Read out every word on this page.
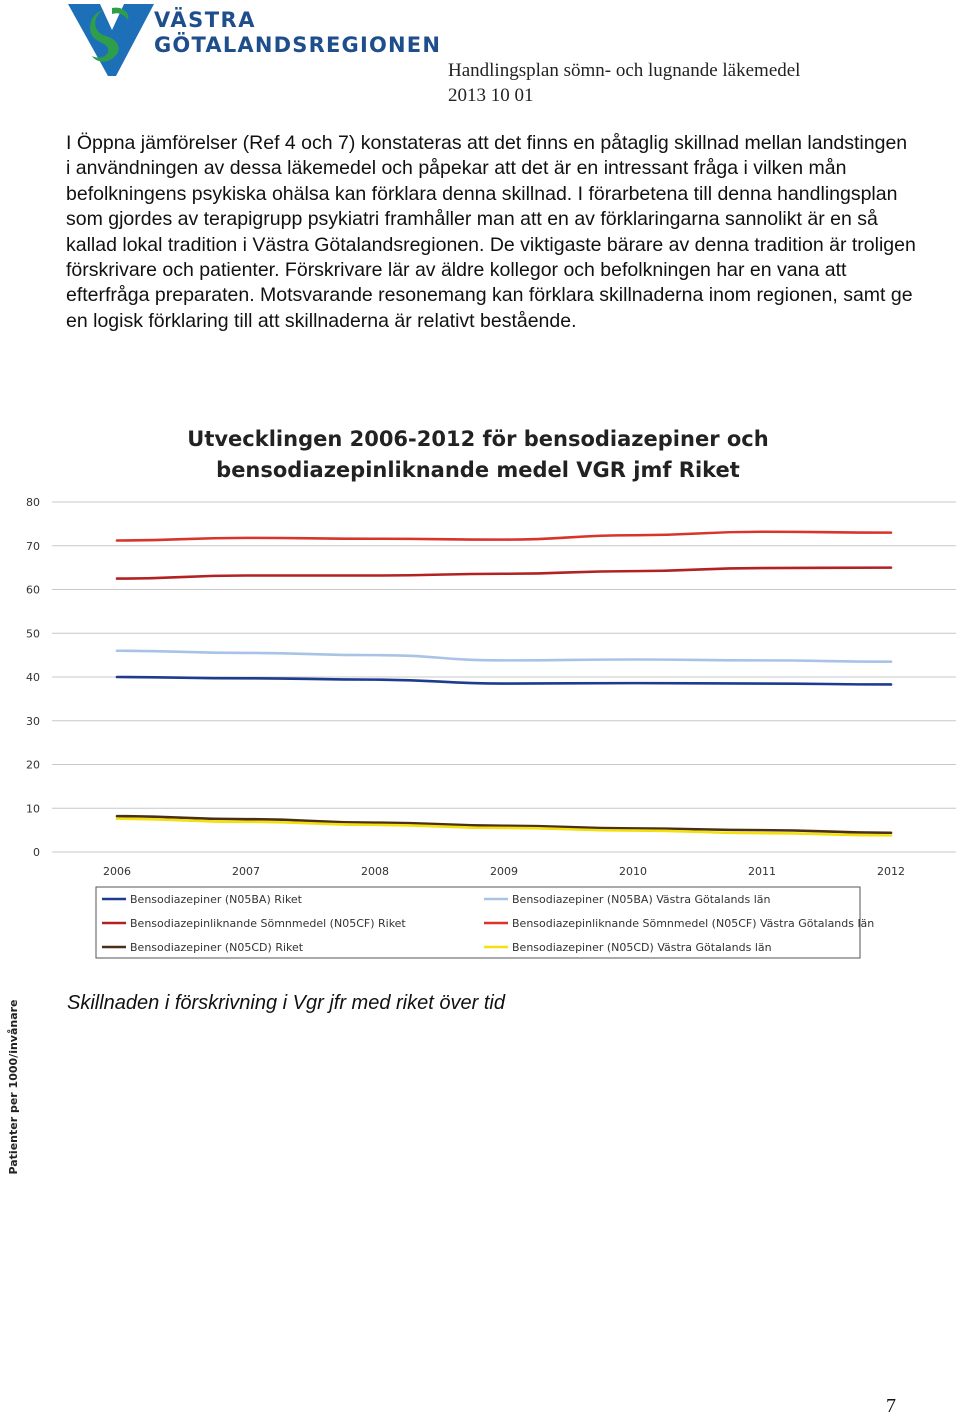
VÄSTRA
GÖTALANDSREGIONEN
Handlingsplan sömn- och lugnande läkemedel
2013 10 01

I Öppna jämförelser (Ref 4 och 7) konstateras att det finns en påtaglig skillnad mellan landstingen i användningen av dessa läkemedel och påpekar att det är en intressant fråga i vilken mån befolkningens psykiska ohälsa kan förklara denna skillnad. I förarbetena till denna handlingsplan som gjordes av terapigrupp psykiatri framhåller man att en av förklaringarna sannolikt är en så kallad lokal tradition i Västra Götalandsregionen. De viktigaste bärare av denna tradition är troligen förskrivare och patienter. Förskrivare lär av äldre kollegor och befolkningen har en vana att efterfråga preparaten. Motsvarande resonemang kan förklara skillnaderna inom regionen, samt ge en logisk förklaring till att skillnaderna är relativt bestående.

Utvecklingen 2006-2012 för bensodiazepiner och
bensodiazepinliknande medel VGR jmf Riket
Patienter per 1000/invånare
0
10
20
30
40
50
60
70
80
2006	2007	2008	2009	2010	2011	2012
Bensodiazepiner (N05BA) Riket	Bensodiazepiner (N05BA) Västra Götalands län
Bensodiazepinliknande Sömnmedel (N05CF) Riket	Bensodiazepinliknande Sömnmedel (N05CF) Västra Götalands län
Bensodiazepiner (N05CD) Riket	Bensodiazepiner (N05CD) Västra Götalands län
Skillnaden i förskrivning i Vgr jfr med riket över tid
7
